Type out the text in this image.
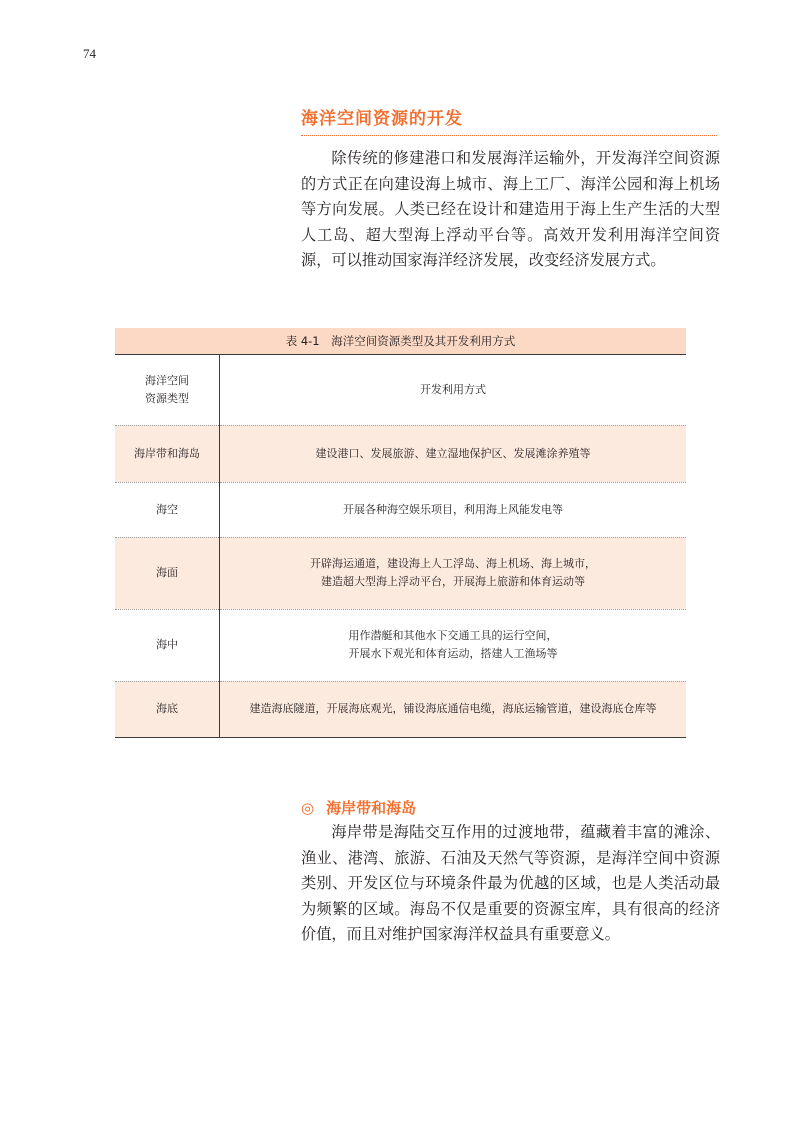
74
海洋空间资源的开发

除传统的修建港口和发展海洋运输外，开发海洋空间资源的方式正在向建设海上城市、海上工厂、海洋公园和海上机场等方向发展。人类已经在设计和建造用于海上生产生活的大型人工岛、超大型海上浮动平台等。高效开发利用海洋空间资源，可以推动国家海洋经济发展，改变经济发展方式。

表 4-1 海洋空间资源类型及其开发利用方式
海洋空间
资源类型	开发利用方式
海岸带和海岛	建设港口、发展旅游、建立湿地保护区、发展滩涂养殖等

海空	开展各种海空娱乐项目，利用海上风能发电等

海面	开辟海运通道，建设海上人工浮岛、海上机场、海上城市，
建造超大型海上浮动平台，开展海上旅游和体育运动等

海中	用作潜艇和其他水下交通工具的运行空间，
开展水下观光和体育运动，搭建人工渔场等

海底	建造海底隧道，开展海底观光，铺设海底通信电缆，海底运输管道，建设海底仓库等
◎ 海岸带和海岛

海岸带是海陆交互作用的过渡地带，蕴藏着丰富的滩涂、渔业、港湾、旅游、石油及天然气等资源，是海洋空间中资源类别、开发区位与环境条件最为优越的区域，也是人类活动最为频繁的区域。海岛不仅是重要的资源宝库，具有很高的经济价值，而且对维护国家海洋权益具有重要意义。
